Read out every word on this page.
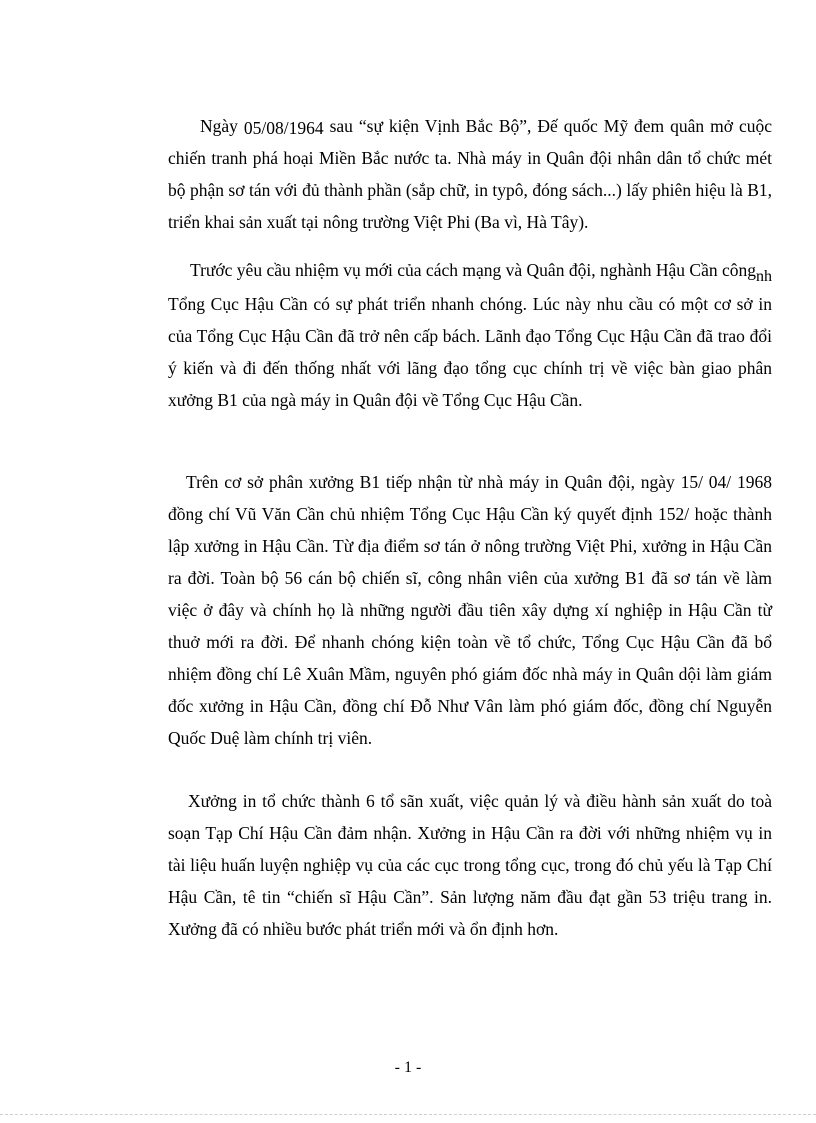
Ngày 05/08/1964 sau “sự kiện Vịnh Bắc Bộ”, Đế quốc Mỹ đem quân mở cuộc chiến tranh phá hoại Miền Bắc nước ta. Nhà máy in Quân đội nhân dân tổ chức mét bộ phận sơ tán với đủ thành phần (sắp chữ, in typô, đóng sách...) lấy phiên hiệu là B1, triển khai sản xuất tại nông trường Việt Phi (Ba vì, Hà Tây).

Trước yêu cầu nhiệm vụ mới của cách mạng và Quân đội, nghành Hậu Cần côngnh   Tổng Cục Hậu Cần có sự phát triển nhanh chóng. Lúc này nhu cầu có một cơ sở in của Tổng Cục Hậu Cần đã trở nên cấp bách. Lãnh đạo Tổng Cục Hậu Cần đã trao đổi ý kiến và đi đến thống nhất với lãng đạo tổng cục chính trị về việc bàn giao phân xưởng B1 của ngà máy in Quân đội về Tổng Cục Hậu Cần.

Trên cơ sở phân xưởng B1 tiếp nhận từ nhà máy in Quân đội, ngày 15/ 04/ 1968 đồng chí Vũ Văn Cần chủ nhiệm Tổng Cục Hậu Cần ký quyết định 152/ hoặc thành lập xưởng in Hậu Cần. Từ địa điểm sơ tán ở nông trường Việt Phi, xưởng in Hậu Cần ra đời. Toàn bộ 56 cán bộ chiến sĩ, công nhân viên của xưởng B1 đã sơ tán về làm việc ở đây và chính họ là những người đầu tiên xây dựng xí nghiệp in Hậu Cần từ thuở mới ra đời. Để nhanh chóng kiện toàn về tổ chức, Tổng Cục Hậu Cần đã bổ nhiệm đồng chí Lê Xuân Mầm, nguyên phó giám đốc nhà máy in Quân dội làm giám đốc xưởng in Hậu Cần, đồng chí Đỗ Như Vân làm phó giám đốc, đồng chí Nguyễn Quốc Duệ làm chính trị viên.

Xưởng in tổ chức thành 6 tổ sãn xuất, việc quản lý và điều hành sản xuất do toà soạn Tạp Chí Hậu Cần đảm nhận. Xưởng in Hậu Cần ra đời với những nhiệm vụ in tài liệu huấn luyện nghiệp vụ của các cục trong tổng cục, trong đó chủ yếu là Tạp Chí Hậu Cần, tê tin “chiến sĩ Hậu Cần”. Sản lượng năm đầu đạt gần 53 triệu trang in. Xưởng đã có nhiều bước phát triển mới và ổn định hơn.

- 1 -
